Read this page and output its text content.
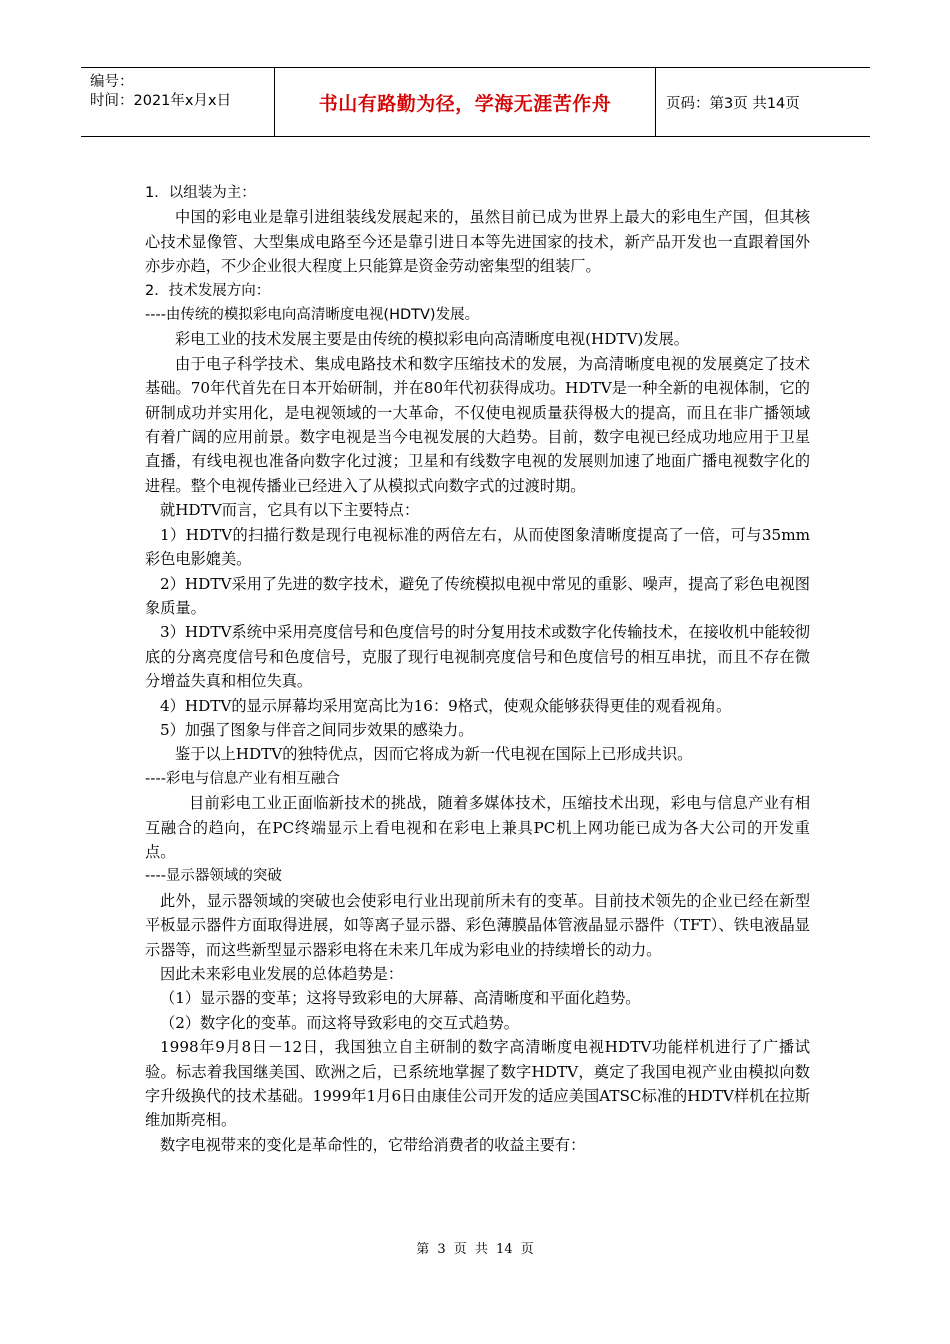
编号：
时间：2021年x月x日	书山有路勤为径，学海无涯苦作舟	页码：第3页 共14页

1．以组装为主：

中国的彩电业是靠引进组装线发展起来的，虽然目前已成为世界上最大的彩电生产国，但其核心技术显像管、大型集成电路至今还是靠引进日本等先进国家的技术，新产品开发也一直跟着国外亦步亦趋，不少企业很大程度上只能算是资金劳动密集型的组装厂。

2．技术发展方向：

----由传统的模拟彩电向高清晰度电视(HDTV)发展。

彩电工业的技术发展主要是由传统的模拟彩电向高清晰度电视(HDTV)发展。

由于电子科学技术、集成电路技术和数字压缩技术的发展，为高清晰度电视的发展奠定了技术基础。70年代首先在日本开始研制，并在80年代初获得成功。HDTV是一种全新的电视体制，它的研制成功并实用化，是电视领域的一大革命，不仅使电视质量获得极大的提高，而且在非广播领域有着广阔的应用前景。数字电视是当今电视发展的大趋势。目前，数字电视已经成功地应用于卫星直播，有线电视也准备向数字化过渡；卫星和有线数字电视的发展则加速了地面广播电视数字化的进程。整个电视传播业已经进入了从模拟式向数字式的过渡时期。

就HDTV而言，它具有以下主要特点：

1）HDTV的扫描行数是现行电视标准的两倍左右，从而使图象清晰度提高了一倍，可与35mm彩色电影媲美。

2）HDTV采用了先进的数字技术，避免了传统模拟电视中常见的重影、噪声，提高了彩色电视图象质量。

3）HDTV系统中采用亮度信号和色度信号的时分复用技术或数字化传输技术，在接收机中能较彻底的分离亮度信号和色度信号，克服了现行电视制亮度信号和色度信号的相互串扰，而且不存在微分增益失真和相位失真。

4）HDTV的显示屏幕均采用宽高比为16：9格式，使观众能够获得更佳的观看视角。

5）加强了图象与伴音之间同步效果的感染力。

鉴于以上HDTV的独特优点，因而它将成为新一代电视在国际上已形成共识。

----彩电与信息产业有相互融合

目前彩电工业正面临新技术的挑战，随着多媒体技术，压缩技术出现，彩电与信息产业有相互融合的趋向，在PC终端显示上看电视和在彩电上兼具PC机上网功能已成为各大公司的开发重点。

----显示器领域的突破

此外，显示器领域的突破也会使彩电行业出现前所未有的变革。目前技术领先的企业已经在新型平板显示器件方面取得进展，如等离子显示器、彩色薄膜晶体管液晶显示器件（TFT）、铁电液晶显示器等，而这些新型显示器彩电将在未来几年成为彩电业的持续增长的动力。

因此未来彩电业发展的总体趋势是：

（1）显示器的变革；这将导致彩电的大屏幕、高清晰度和平面化趋势。

（2）数字化的变革。而这将导致彩电的交互式趋势。

1998年9月8日－12日，我国独立自主研制的数字高清晰度电视HDTV功能样机进行了广播试验。标志着我国继美国、欧洲之后，已系统地掌握了数字HDTV，奠定了我国电视产业由模拟向数字升级换代的技术基础。1999年1月6日由康佳公司开发的适应美国ATSC标准的HDTV样机在拉斯维加斯亮相。

数字电视带来的变化是革命性的，它带给消费者的收益主要有：

第 3 页 共 14 页
